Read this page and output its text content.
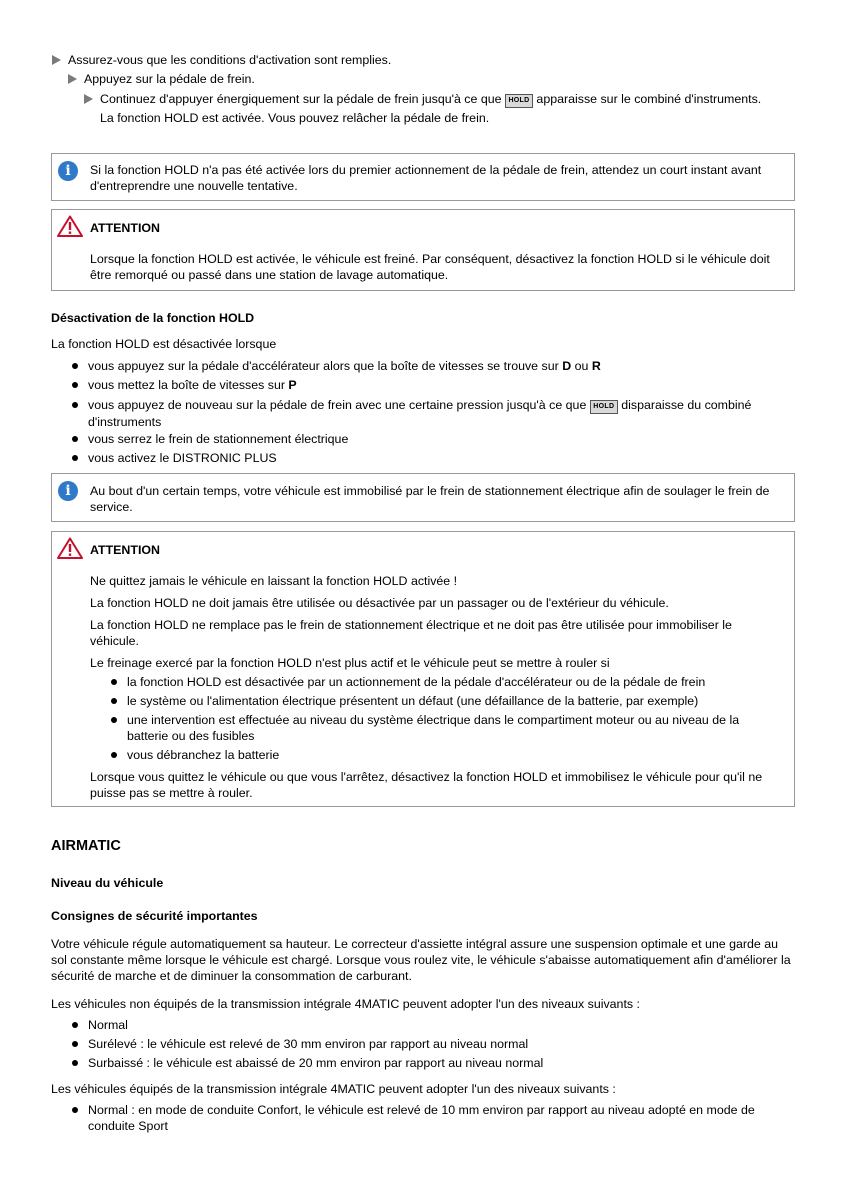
Assurez-vous que les conditions d'activation sont remplies.
Appuyez sur la pédale de frein.
Continuez d'appuyer énergiquement sur la pédale de frein jusqu'à ce que HOLD apparaisse sur le combiné d'instruments.
La fonction HOLD est activée. Vous pouvez relâcher la pédale de frein.
i	Si la fonction HOLD n'a pas été activée lors du premier actionnement de la pédale de frein, attendez un court instant avant d'entreprendre une nouvelle tentative.
ATTENTION
Lorsque la fonction HOLD est activée, le véhicule est freiné. Par conséquent, désactivez la fonction HOLD si le véhicule doit être remorqué ou passé dans une station de lavage automatique.
Désactivation de la fonction HOLD
La fonction HOLD est désactivée lorsque
vous appuyez sur la pédale d'accélérateur alors que la boîte de vitesses se trouve sur D ou R
vous mettez la boîte de vitesses sur P
vous appuyez de nouveau sur la pédale de frein avec une certaine pression jusqu'à ce que HOLD disparaisse du combiné
d'instruments
vous serrez le frein de stationnement électrique
vous activez le DISTRONIC PLUS
i	Au bout d'un certain temps, votre véhicule est immobilisé par le frein de stationnement électrique afin de soulager le frein de service.
ATTENTION
Ne quittez jamais le véhicule en laissant la fonction HOLD activée !
La fonction HOLD ne doit jamais être utilisée ou désactivée par un passager ou de l'extérieur du véhicule.
La fonction HOLD ne remplace pas le frein de stationnement électrique et ne doit pas être utilisée pour immobiliser le véhicule.
Le freinage exercé par la fonction HOLD n'est plus actif et le véhicule peut se mettre à rouler si
la fonction HOLD est désactivée par un actionnement de la pédale d'accélérateur ou de la pédale de frein
le système ou l'alimentation électrique présentent un défaut (une défaillance de la batterie, par exemple)
une intervention est effectuée au niveau du système électrique dans le compartiment moteur ou au niveau de la batterie ou des fusibles
vous débranchez la batterie
Lorsque vous quittez le véhicule ou que vous l'arrêtez, désactivez la fonction HOLD et immobilisez le véhicule pour qu'il ne puisse pas se mettre à rouler.
AIRMATIC
Niveau du véhicule
Consignes de sécurité importantes
Votre véhicule régule automatiquement sa hauteur. Le correcteur d'assiette intégral assure une suspension optimale et une garde au sol constante même lorsque le véhicule est chargé. Lorsque vous roulez vite, le véhicule s'abaisse automatiquement afin d'améliorer la sécurité de marche et de diminuer la consommation de carburant.
Les véhicules non équipés de la transmission intégrale 4MATIC peuvent adopter l'un des niveaux suivants :
Normal
Surélevé : le véhicule est relevé de 30 mm environ par rapport au niveau normal
Surbaissé : le véhicule est abaissé de 20 mm environ par rapport au niveau normal
Les véhicules équipés de la transmission intégrale 4MATIC peuvent adopter l'un des niveaux suivants :
Normal : en mode de conduite Confort, le véhicule est relevé de 10 mm environ par rapport au niveau adopté en mode de conduite Sport
